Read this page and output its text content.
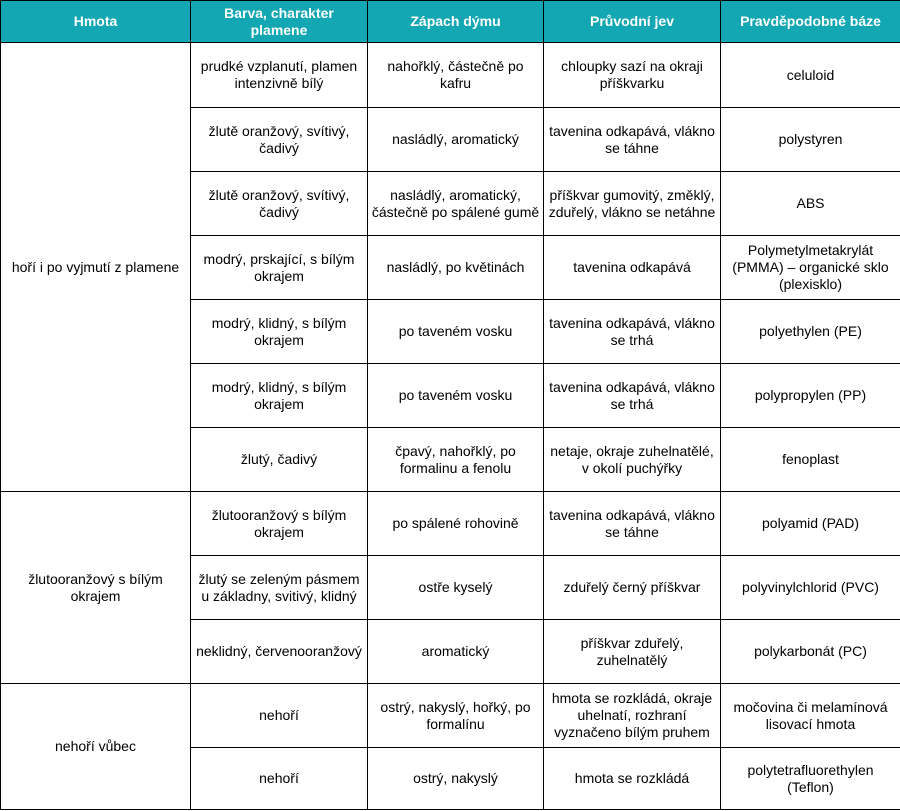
Hmota	Barva, charakter plamene	Zápach dýmu	Průvodní jev	Pravděpodobné báze
hoří i po vyjmutí z plamene	prudké vzplanutí, plamen intenzivně bílý	nahořklý, částečně po kafru	chloupky sazí na okraji příškvarku	celuloid
	žlutě oranžový, svítivý, čadivý	nasládlý, aromatický	tavenina odkapává, vlákno se táhne	polystyren
	žlutě oranžový, svítivý, čadivý	nasládlý, aromatický, částečně po spálené gumě	příškvar gumovitý, změklý, zduřelý, vlákno se netáhne	ABS
	modrý, prskající, s bílým okrajem	nasládlý, po květinách	tavenina odkapává	Polymetylmetakrylát (PMMA) – organické sklo (plexisklo)
	modrý, klidný, s bílým okrajem	po taveném vosku	tavenina odkapává, vlákno se trhá	polyethylen (PE)
	modrý, klidný, s bílým okrajem	po taveném vosku	tavenina odkapává, vlákno se trhá	polypropylen (PP)
	žlutý, čadivý	čpavý, nahořklý, po formalinu a fenolu	netaje, okraje zuhelnatělé, v okolí puchýřky	fenoplast
žlutooranžový s bílým okrajem	žlutooranžový s bílým okrajem	po spálené rohovině	tavenina odkapává, vlákno se táhne	polyamid (PAD)
	žlutý se zeleným pásmem u základny, svitivý, klidný	ostře kyselý	zduřelý černý příškvar	polyvinylchlorid (PVC)
	neklidný, červenooranžový	aromatický	příškvar zduřelý, zuhelnatělý	polykarbonát (PC)
nehoří vůbec	nehoří	ostrý, nakyslý, hořký, po formalínu	hmota se rozkládá, okraje uhelnatí, rozhraní vyznačeno bílým pruhem	močovina či melamínová lisovací hmota
	nehoří	ostrý, nakyslý	hmota se rozkládá	polytetrafluorethylen (Teflon)
